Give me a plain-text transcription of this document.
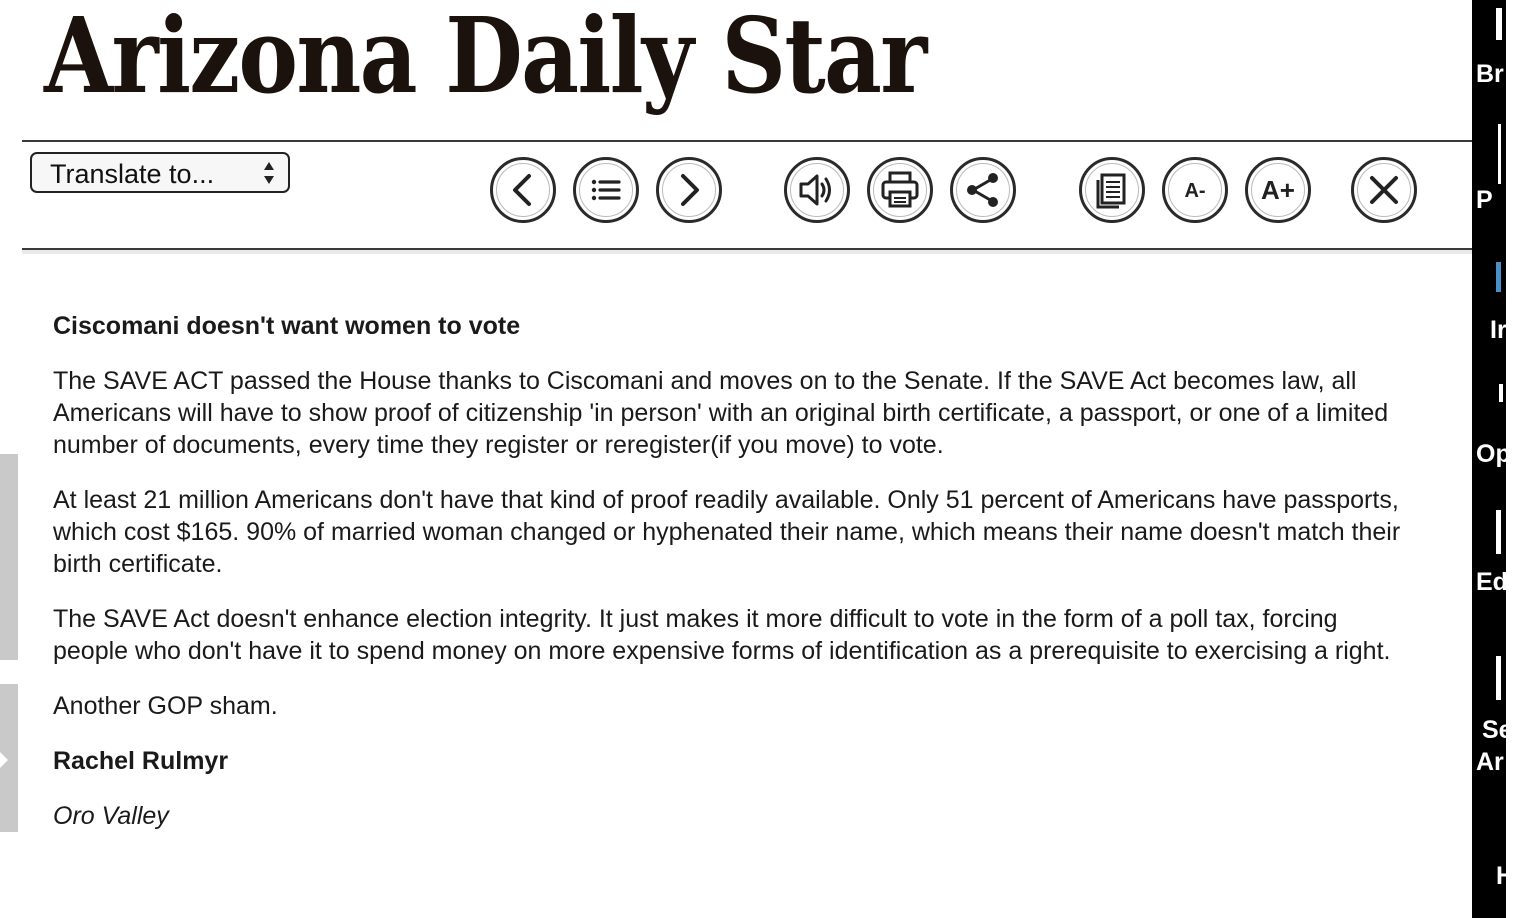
Arizona Daily Star
Translate to...
A- A+

Ciscomani doesn't want women to vote

The SAVE ACT passed the House thanks to Ciscomani and moves on to the Senate. If the SAVE Act becomes law, all Americans will have to show proof of citizenship 'in person' with an original birth certificate, a passport, or one of a limited number of documents, every time they register or reregister(if you move) to vote.

At least 21 million Americans don't have that kind of proof readily available. Only 51 percent of Americans have passports, which cost $165. 90% of married woman changed or hyphenated their name, which means their name doesn't match their birth certificate.

The SAVE Act doesn't enhance election integrity. It just makes it more difficult to vote in the form of a poll tax, forcing people who don't have it to spend money on more expensive forms of identification as a prerequisite to exercising a right.

Another GOP sham.

Rachel Rulmyr

Oro Valley

Br
P
Ir
Op
Ed
Se
Ar
H
